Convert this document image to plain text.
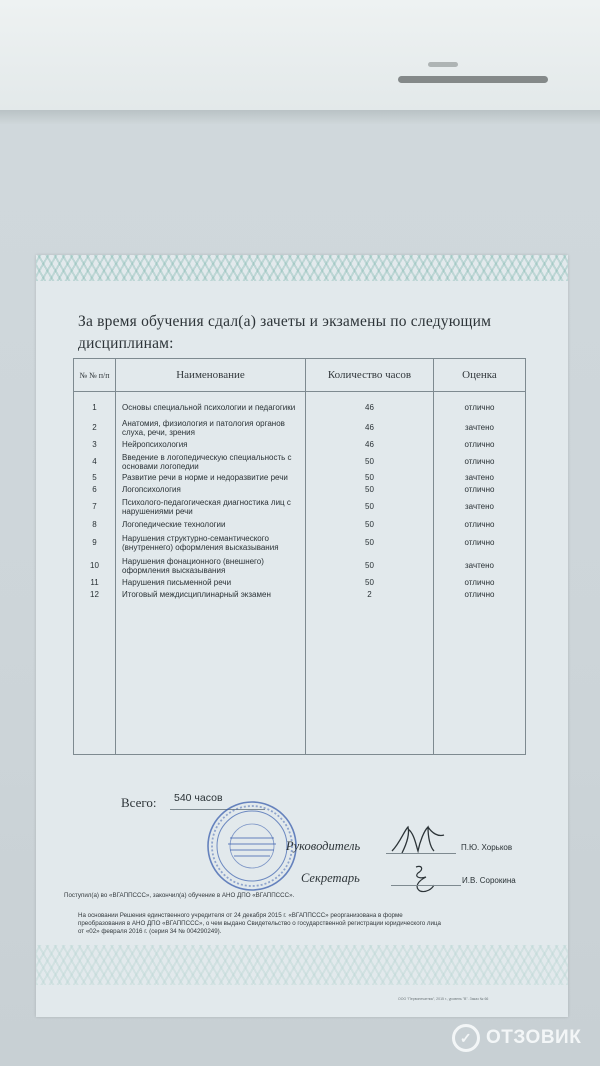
За время обучения сдал(а) зачеты и экзамены по следующим
дисциплинам:
№ № п/п	Наименование	Количество часов	Оценка
1	Основы специальной психологии и педагогики	46	отлично
2	Анатомия, физиология и патология органов слуха, речи, зрения	46	зачтено
3	Нейропсихология	46	отлично
4	Введение в логопедическую специальность с основами логопедии	50	отлично
5	Развитие речи в норме и недоразвитие речи	50	зачтено
6	Логопсихология	50	отлично
7	Психолого-педагогическая диагностика лиц с нарушениями речи	50	зачтено
8	Логопедические технологии	50	отлично
9	Нарушения структурно-семантического (внутреннего) оформления высказывания	50	отлично
10	Нарушения фонационного (внешнего) оформления высказывания	50	зачтено
11	Нарушения письменной речи	50	отлично
12	Итоговый междисциплинарный экзамен	2	отлично

Всего: 540 часов
Руководитель	П.Ю. Хорьков
Секретарь	И.В. Сорокина
Поступил(а) во «ВГАППССС», закончил(а) обучение в АНО ДПО «ВГАППССС».
На основании Решения единственного учредителя от 24 декабря 2015 г. «ВГАППССС» реорганизована в форме
преобразования в АНО ДПО «ВГАППССС», о чем выдано Свидетельство о государственной регистрации юридического лица
от «02» февраля 2016 г. (серия 34 № 004290249).
ООО "Первопечатник", 2015 г., уровень "В". Заказ № 66
✓ ОТЗОВИК
